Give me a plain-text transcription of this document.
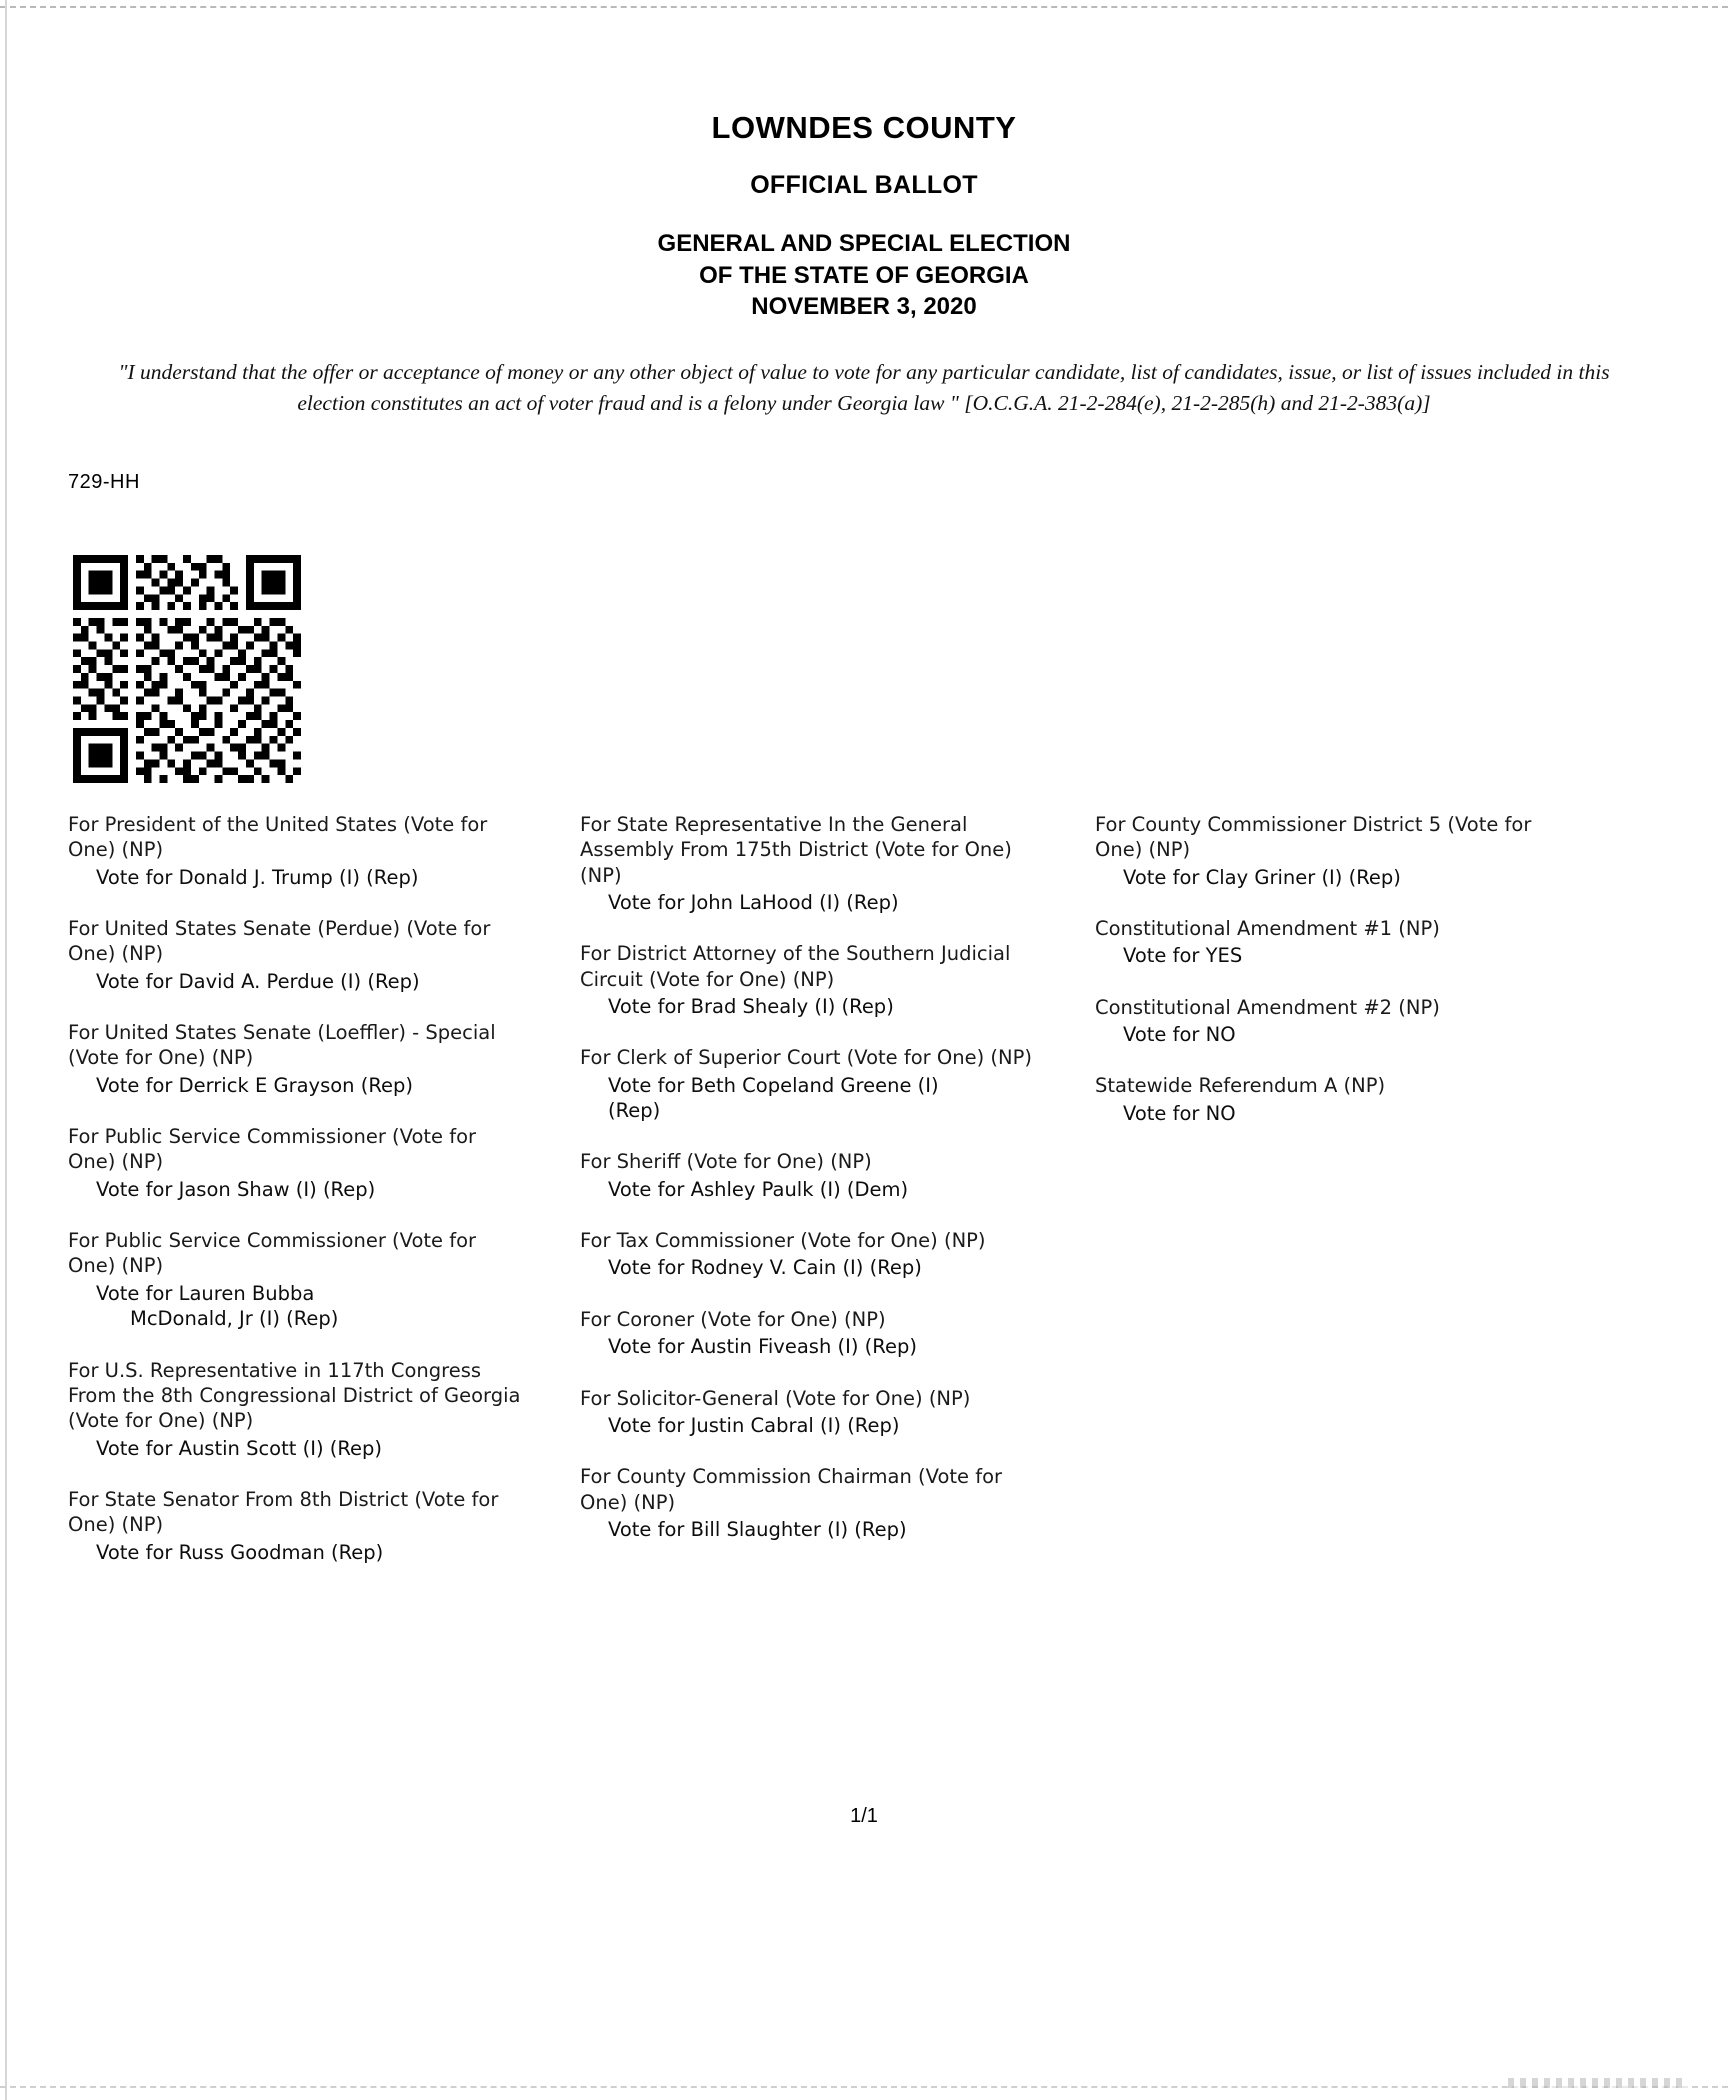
LOWNDES COUNTY
OFFICIAL BALLOT
GENERAL AND SPECIAL ELECTION
OF THE STATE OF GEORGIA
NOVEMBER 3, 2020
"I understand that the offer or acceptance of money or any other object of value to vote for any particular candidate, list of candidates, issue, or list of issues included in this election constitutes an act of voter fraud and is a felony under Georgia law " [O.C.G.A. 21-2-284(e), 21-2-285(h) and 21-2-383(a)]
729-HH
For President of the United States (Vote for One) (NP)
Vote for Donald J. Trump (I) (Rep)
For United States Senate (Perdue) (Vote for One) (NP)
Vote for David A. Perdue (I) (Rep)
For United States Senate (Loeffler) - Special (Vote for One) (NP)
Vote for Derrick E Grayson (Rep)
For Public Service Commissioner (Vote for One) (NP)
Vote for Jason Shaw (I) (Rep)
For Public Service Commissioner (Vote for One) (NP)
Vote for Lauren Bubba
McDonald, Jr (I) (Rep)
For U.S. Representative in 117th Congress From the 8th Congressional District of Georgia (Vote for One) (NP)
Vote for Austin Scott (I) (Rep)
For State Senator From 8th District (Vote for One) (NP)
Vote for Russ Goodman (Rep)
For State Representative In the General Assembly From 175th District (Vote for One) (NP)
Vote for John LaHood (I) (Rep)
For District Attorney of the Southern Judicial Circuit (Vote for One) (NP)
Vote for Brad Shealy (I) (Rep)
For Clerk of Superior Court (Vote for One) (NP)
Vote for Beth Copeland Greene (I)
(Rep)
For Sheriff (Vote for One) (NP)
Vote for Ashley Paulk (I) (Dem)
For Tax Commissioner (Vote for One) (NP)
Vote for Rodney V. Cain (I) (Rep)
For Coroner (Vote for One) (NP)
Vote for Austin Fiveash (I) (Rep)
For Solicitor-General (Vote for One) (NP)
Vote for Justin Cabral (I) (Rep)
For County Commission Chairman (Vote for One) (NP)
Vote for Bill Slaughter (I) (Rep)
For County Commissioner District 5 (Vote for One) (NP)
Vote for Clay Griner (I) (Rep)
Constitutional Amendment #1 (NP)
Vote for YES
Constitutional Amendment #2 (NP)
Vote for NO
Statewide Referendum A (NP)
Vote for NO
1/1
